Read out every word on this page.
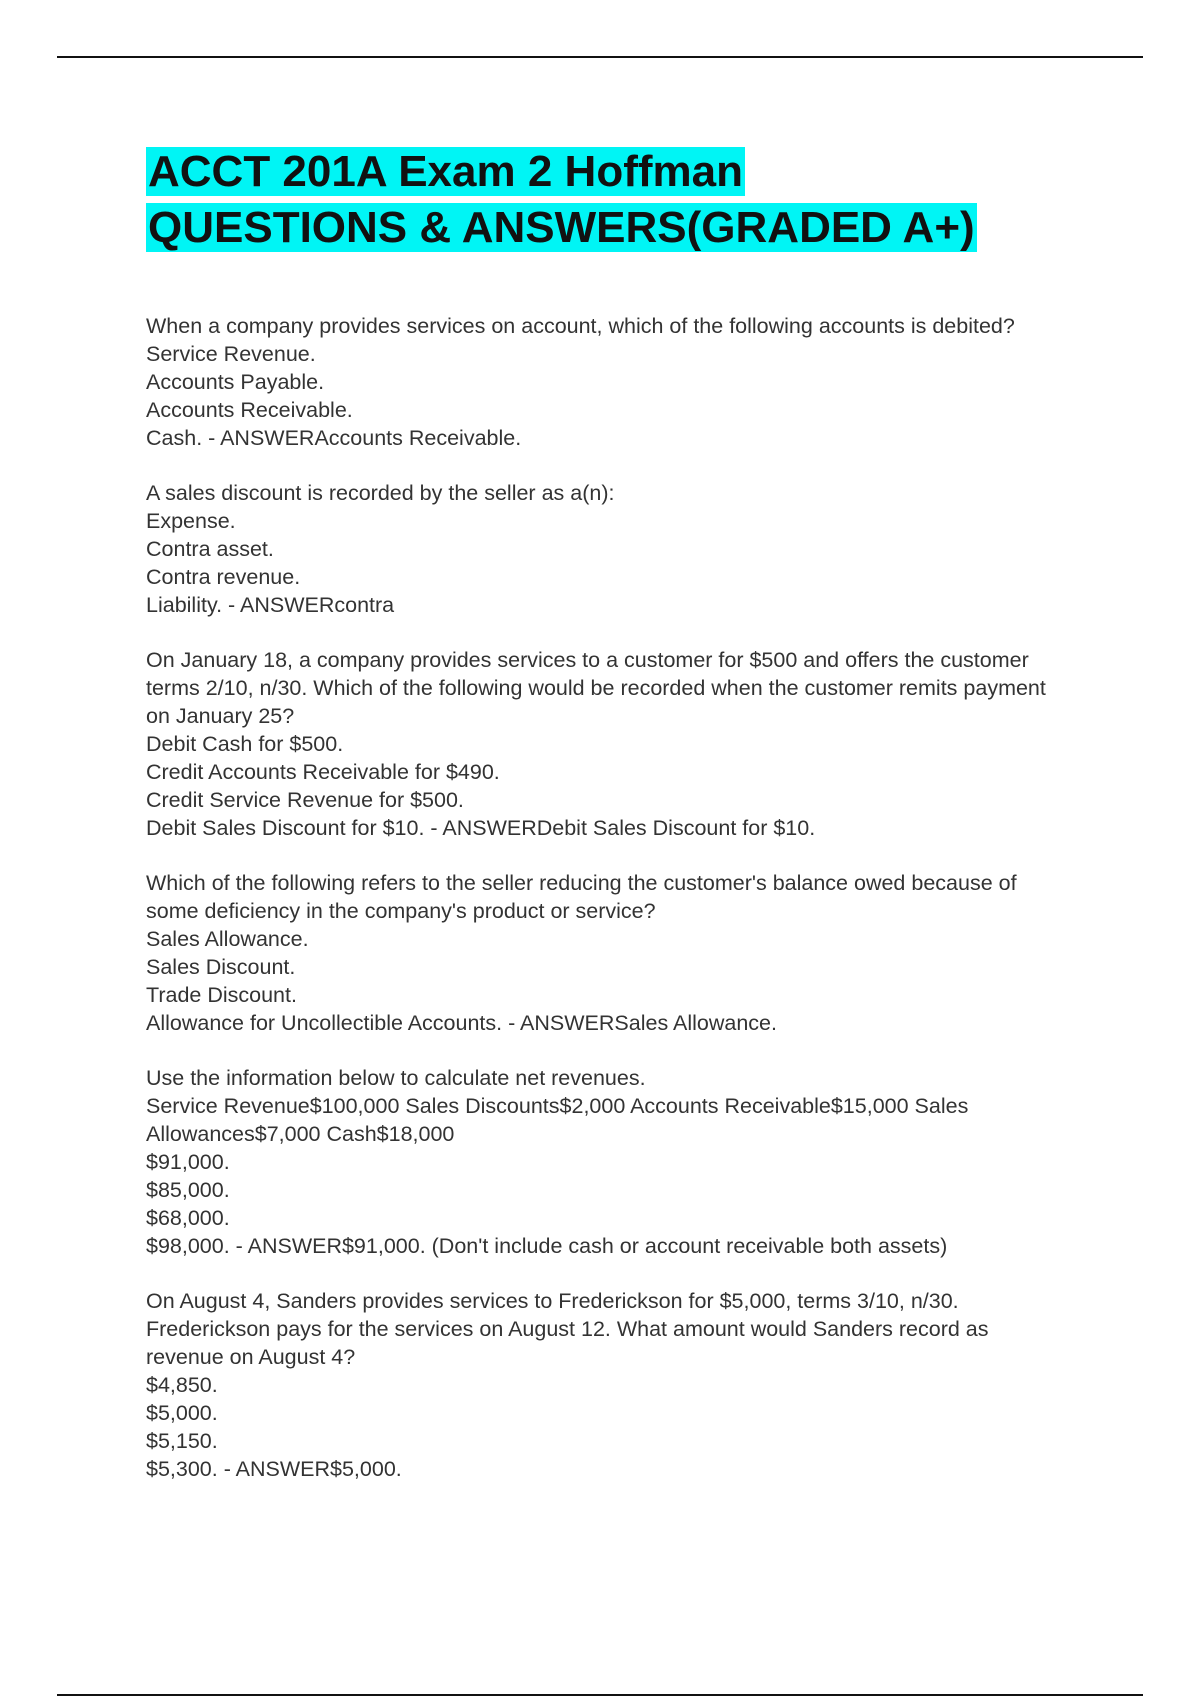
ACCT 201A Exam 2 Hoffman
QUESTIONS & ANSWERS(GRADED A+)
When a company provides services on account, which of the following accounts is debited?
Service Revenue.
Accounts Payable.
Accounts Receivable.
Cash. - ANSWERAccounts Receivable.
A sales discount is recorded by the seller as a(n):
Expense.
Contra asset.
Contra revenue.
Liability. - ANSWERcontra
On January 18, a company provides services to a customer for $500 and offers the customer terms 2/10, n/30. Which of the following would be recorded when the customer remits payment on January 25?
Debit Cash for $500.
Credit Accounts Receivable for $490.
Credit Service Revenue for $500.
Debit Sales Discount for $10. - ANSWERDebit Sales Discount for $10.
Which of the following refers to the seller reducing the customer's balance owed because of some deficiency in the company's product or service?
Sales Allowance.
Sales Discount.
Trade Discount.
Allowance for Uncollectible Accounts. - ANSWERSales Allowance.
Use the information below to calculate net revenues.
Service Revenue$100,000 Sales Discounts$2,000 Accounts Receivable$15,000 Sales Allowances$7,000 Cash$18,000
$91,000.
$85,000.
$68,000.
$98,000. - ANSWER$91,000. (Don't include cash or account receivable both assets)
On August 4, Sanders provides services to Frederickson for $5,000, terms 3/10, n/30. Frederickson pays for the services on August 12. What amount would Sanders record as revenue on August 4?
$4,850.
$5,000.
$5,150.
$5,300. - ANSWER$5,000.
